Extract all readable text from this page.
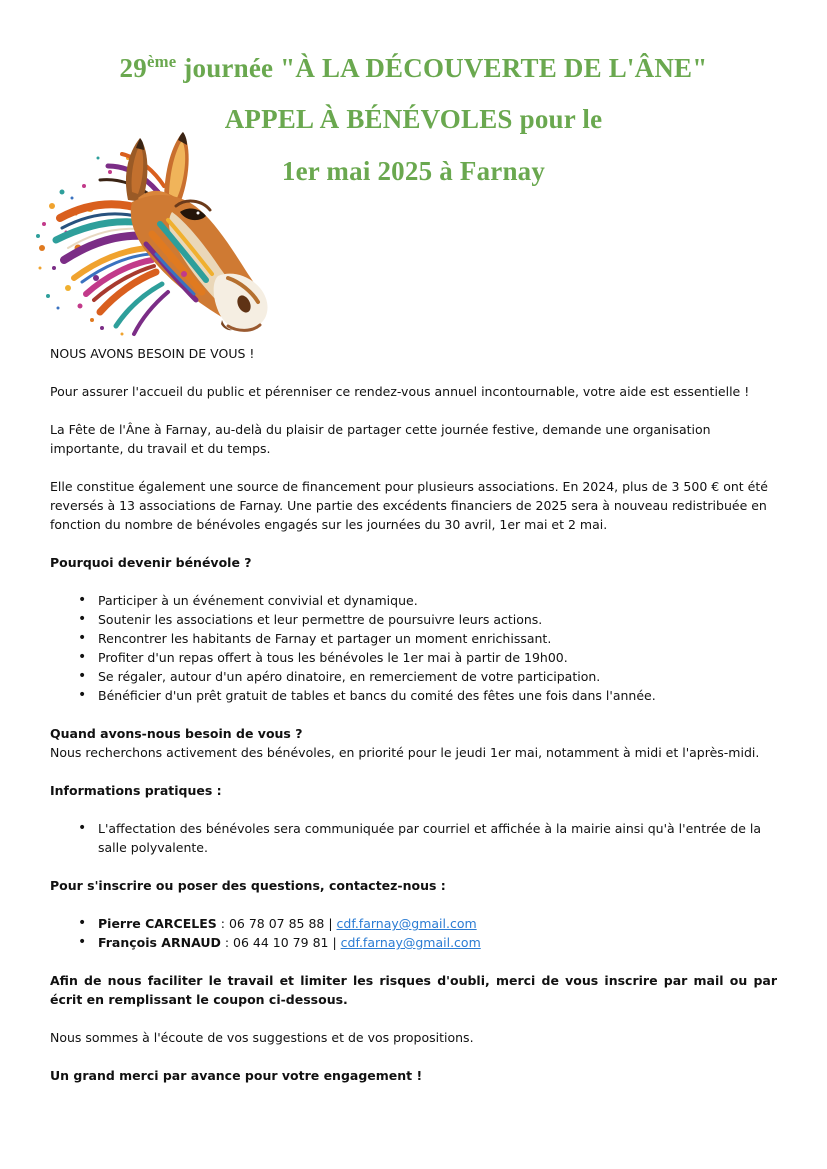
29ème journée "À LA DÉCOUVERTE DE L'ÂNE"
APPEL À BÉNÉVOLES pour le
1er mai 2025 à Farnay

NOUS AVONS BESOIN DE VOUS !

Pour assurer l'accueil du public et pérenniser ce rendez-vous annuel incontournable, votre aide est essentielle !

La Fête de l'Âne à Farnay, au-delà du plaisir de partager cette journée festive, demande une organisation importante, du travail et du temps.

Elle constitue également une source de financement pour plusieurs associations. En 2024, plus de 3 500 € ont été reversés à 13 associations de Farnay. Une partie des excédents financiers de 2025 sera à nouveau redistribuée en fonction du nombre de bénévoles engagés sur les journées du 30 avril, 1er mai et 2 mai.

Pourquoi devenir bénévole ?

• Participer à un événement convivial et dynamique.
• Soutenir les associations et leur permettre de poursuivre leurs actions.
• Rencontrer les habitants de Farnay et partager un moment enrichissant.
• Profiter d'un repas offert à tous les bénévoles le 1er mai à partir de 19h00.
• Se régaler, autour d'un apéro dinatoire, en remerciement de votre participation.
• Bénéficier d'un prêt gratuit de tables et bancs du comité des fêtes une fois dans l'année.

Quand avons-nous besoin de vous ?

Nous recherchons activement des bénévoles, en priorité pour le jeudi 1er mai, notamment à midi et l'après-midi.

Informations pratiques :

• L'affectation des bénévoles sera communiquée par courriel et affichée à la mairie ainsi qu'à l'entrée de la salle polyvalente.

Pour s'inscrire ou poser des questions, contactez-nous :

• Pierre CARCELES : 06 78 07 85 88 | cdf.farnay@gmail.com
• François ARNAUD : 06 44 10 79 81 | cdf.farnay@gmail.com

Afin de nous faciliter le travail et limiter les risques d'oubli, merci de vous inscrire par mail ou par écrit en remplissant le coupon ci-dessous.

Nous sommes à l'écoute de vos suggestions et de vos propositions.

Un grand merci par avance pour votre engagement !
